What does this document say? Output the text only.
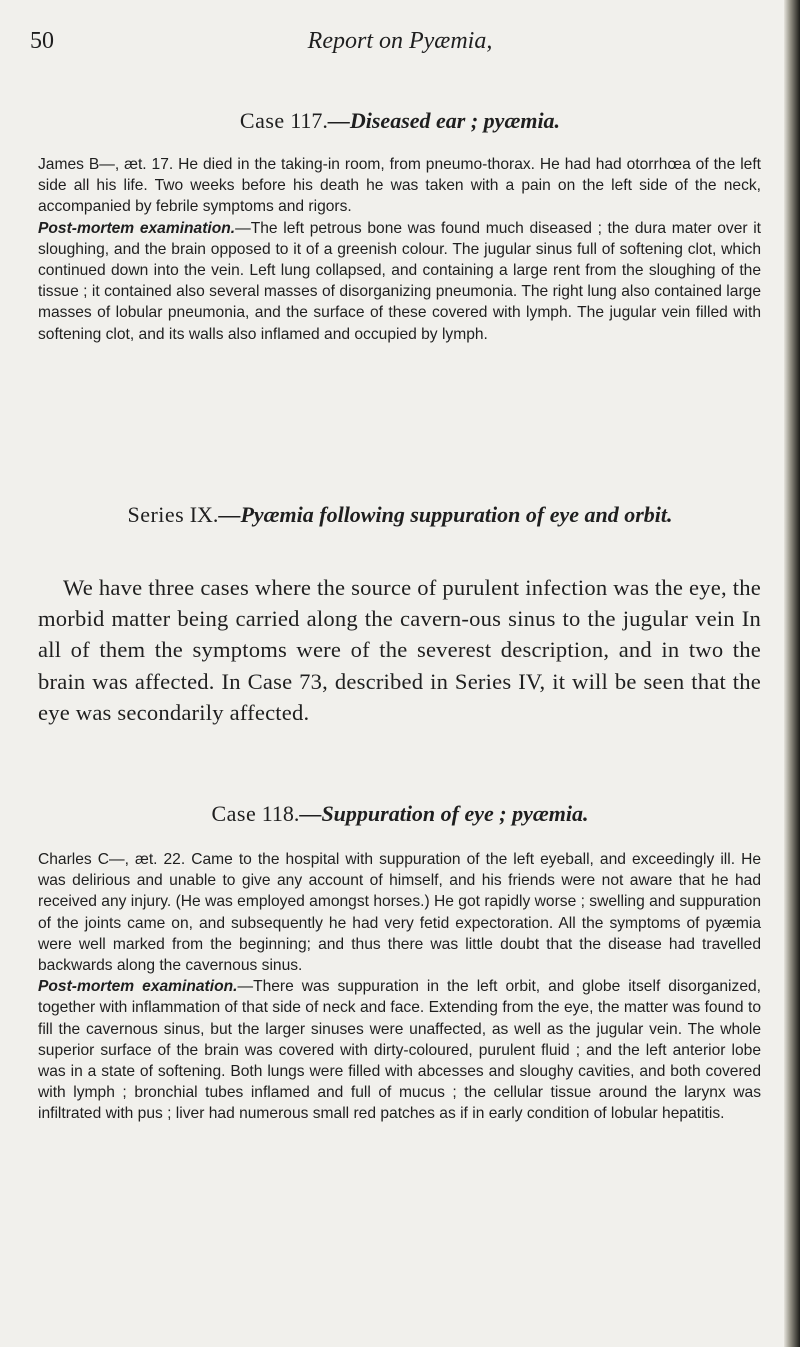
50	Report on Pyæmia,
Case 117.—Diseased ear ; pyæmia.

James B—, æt. 17. He died in the taking-in room, from pneumo-thorax. He had had otorrhœa of the left side all his life. Two weeks before his death he was taken with a pain on the left side of the neck, accompanied by febrile symptoms and rigors.

Post-mortem examination.—The left petrous bone was found much diseased ; the dura mater over it sloughing, and the brain opposed to it of a greenish colour. The jugular sinus full of softening clot, which continued down into the vein. Left lung collapsed, and containing a large rent from the sloughing of the tissue ; it contained also several masses of disorganizing pneumonia. The right lung also contained large masses of lobular pneumonia, and the surface of these covered with lymph. The jugular vein filled with softening clot, and its walls also inflamed and occupied by lymph.

Series IX.—Pyæmia following suppuration of eye and orbit.

We have three cases where the source of purulent infection was the eye, the morbid matter being carried along the cavern-ous sinus to the jugular vein In all of them the symptoms were of the severest description, and in two the brain was affected. In Case 73, described in Series IV, it will be seen that the eye was secondarily affected.

Case 118.—Suppuration of eye ; pyæmia.

Charles C—, æt. 22. Came to the hospital with suppuration of the left eyeball, and exceedingly ill. He was delirious and unable to give any account of himself, and his friends were not aware that he had received any injury. (He was employed amongst horses.) He got rapidly worse ; swelling and suppuration of the joints came on, and subsequently he had very fetid expectoration. All the symptoms of pyæmia were well marked from the beginning; and thus there was little doubt that the disease had travelled backwards along the cavernous sinus.

Post-mortem examination.—There was suppuration in the left orbit, and globe itself disorganized, together with inflammation of that side of neck and face. Extending from the eye, the matter was found to fill the cavernous sinus, but the larger sinuses were unaffected, as well as the jugular vein. The whole superior surface of the brain was covered with dirty-coloured, purulent fluid ; and the left anterior lobe was in a state of softening. Both lungs were filled with abcesses and sloughy cavities, and both covered with lymph ; bronchial tubes inflamed and full of mucus ; the cellular tissue around the larynx was infiltrated with pus ; liver had numerous small red patches as if in early condition of lobular hepatitis.
